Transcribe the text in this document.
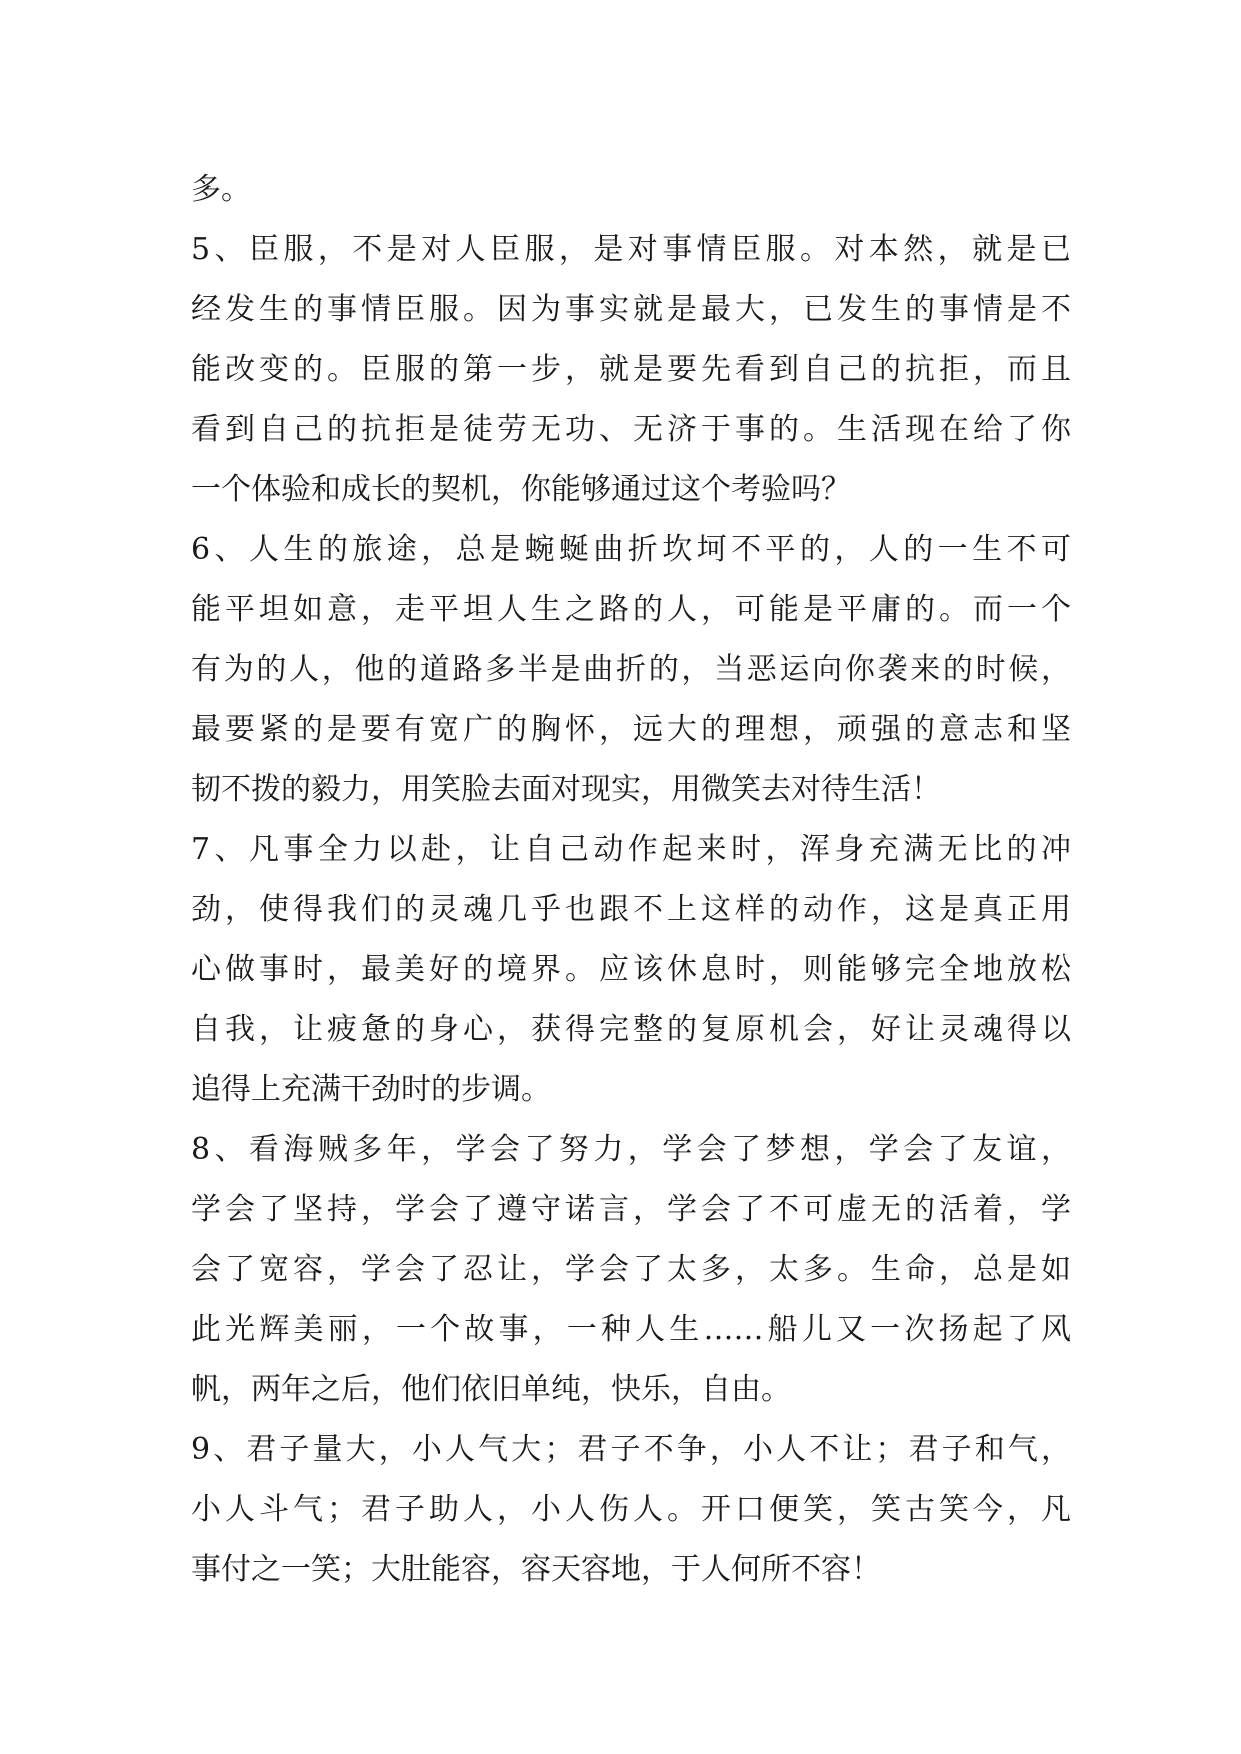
多。
5、臣服，不是对人臣服，是对事情臣服。对本然，就是已
经发生的事情臣服。因为事实就是最大，已发生的事情是不
能改变的。臣服的第一步，就是要先看到自己的抗拒，而且
看到自己的抗拒是徒劳无功、无济于事的。生活现在给了你
一个体验和成长的契机，你能够通过这个考验吗？
6、人生的旅途，总是蜿蜒曲折坎坷不平的，人的一生不可
能平坦如意，走平坦人生之路的人，可能是平庸的。而一个
有为的人，他的道路多半是曲折的，当恶运向你袭来的时候，
最要紧的是要有宽广的胸怀，远大的理想，顽强的意志和坚
韧不拨的毅力，用笑脸去面对现实，用微笑去对待生活！
7、凡事全力以赴，让自己动作起来时，浑身充满无比的冲
劲，使得我们的灵魂几乎也跟不上这样的动作，这是真正用
心做事时，最美好的境界。应该休息时，则能够完全地放松
自我，让疲惫的身心，获得完整的复原机会，好让灵魂得以
追得上充满干劲时的步调。
8、看海贼多年，学会了努力，学会了梦想，学会了友谊，
学会了坚持，学会了遵守诺言，学会了不可虚无的活着，学
会了宽容，学会了忍让，学会了太多，太多。生命，总是如
此光辉美丽，一个故事，一种人生……船儿又一次扬起了风
帆，两年之后，他们依旧单纯，快乐，自由。
9、君子量大，小人气大；君子不争，小人不让；君子和气，
小人斗气；君子助人，小人伤人。开口便笑，笑古笑今，凡
事付之一笑；大肚能容，容天容地，于人何所不容！
